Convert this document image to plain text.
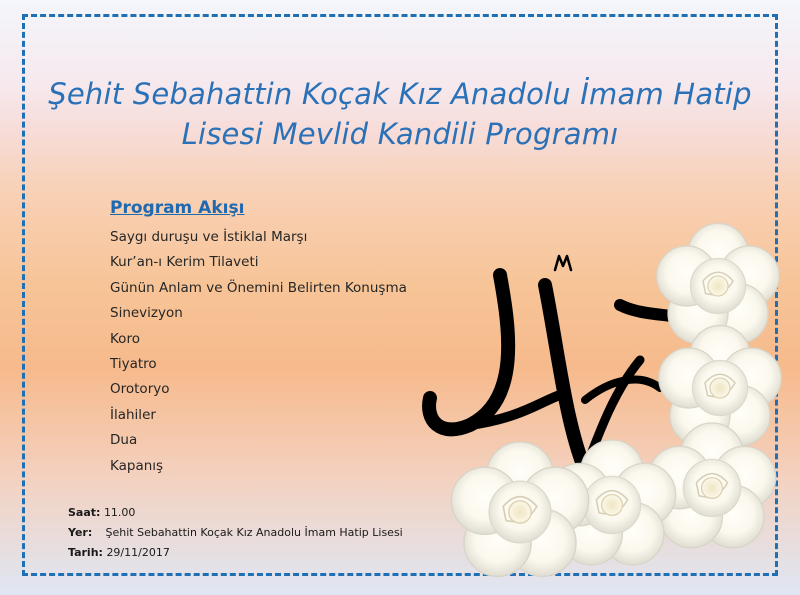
Şehit Sebahattin Koçak Kız Anadolu İmam Hatip
Lisesi Mevlid Kandili Programı
Program Akışı
Saygı duruşu ve İstiklal Marşı
Kur’an-ı Kerim Tilaveti
Günün Anlam ve Önemini Belirten Konuşma
Sinevizyon
Koro
Tiyatro
Orotoryo
İlahiler
Dua
Kapanış
Saat: 11.00
Yer: Şehit Sebahattin Koçak Kız Anadolu İmam Hatip Lisesi
Tarih: 29/11/2017
